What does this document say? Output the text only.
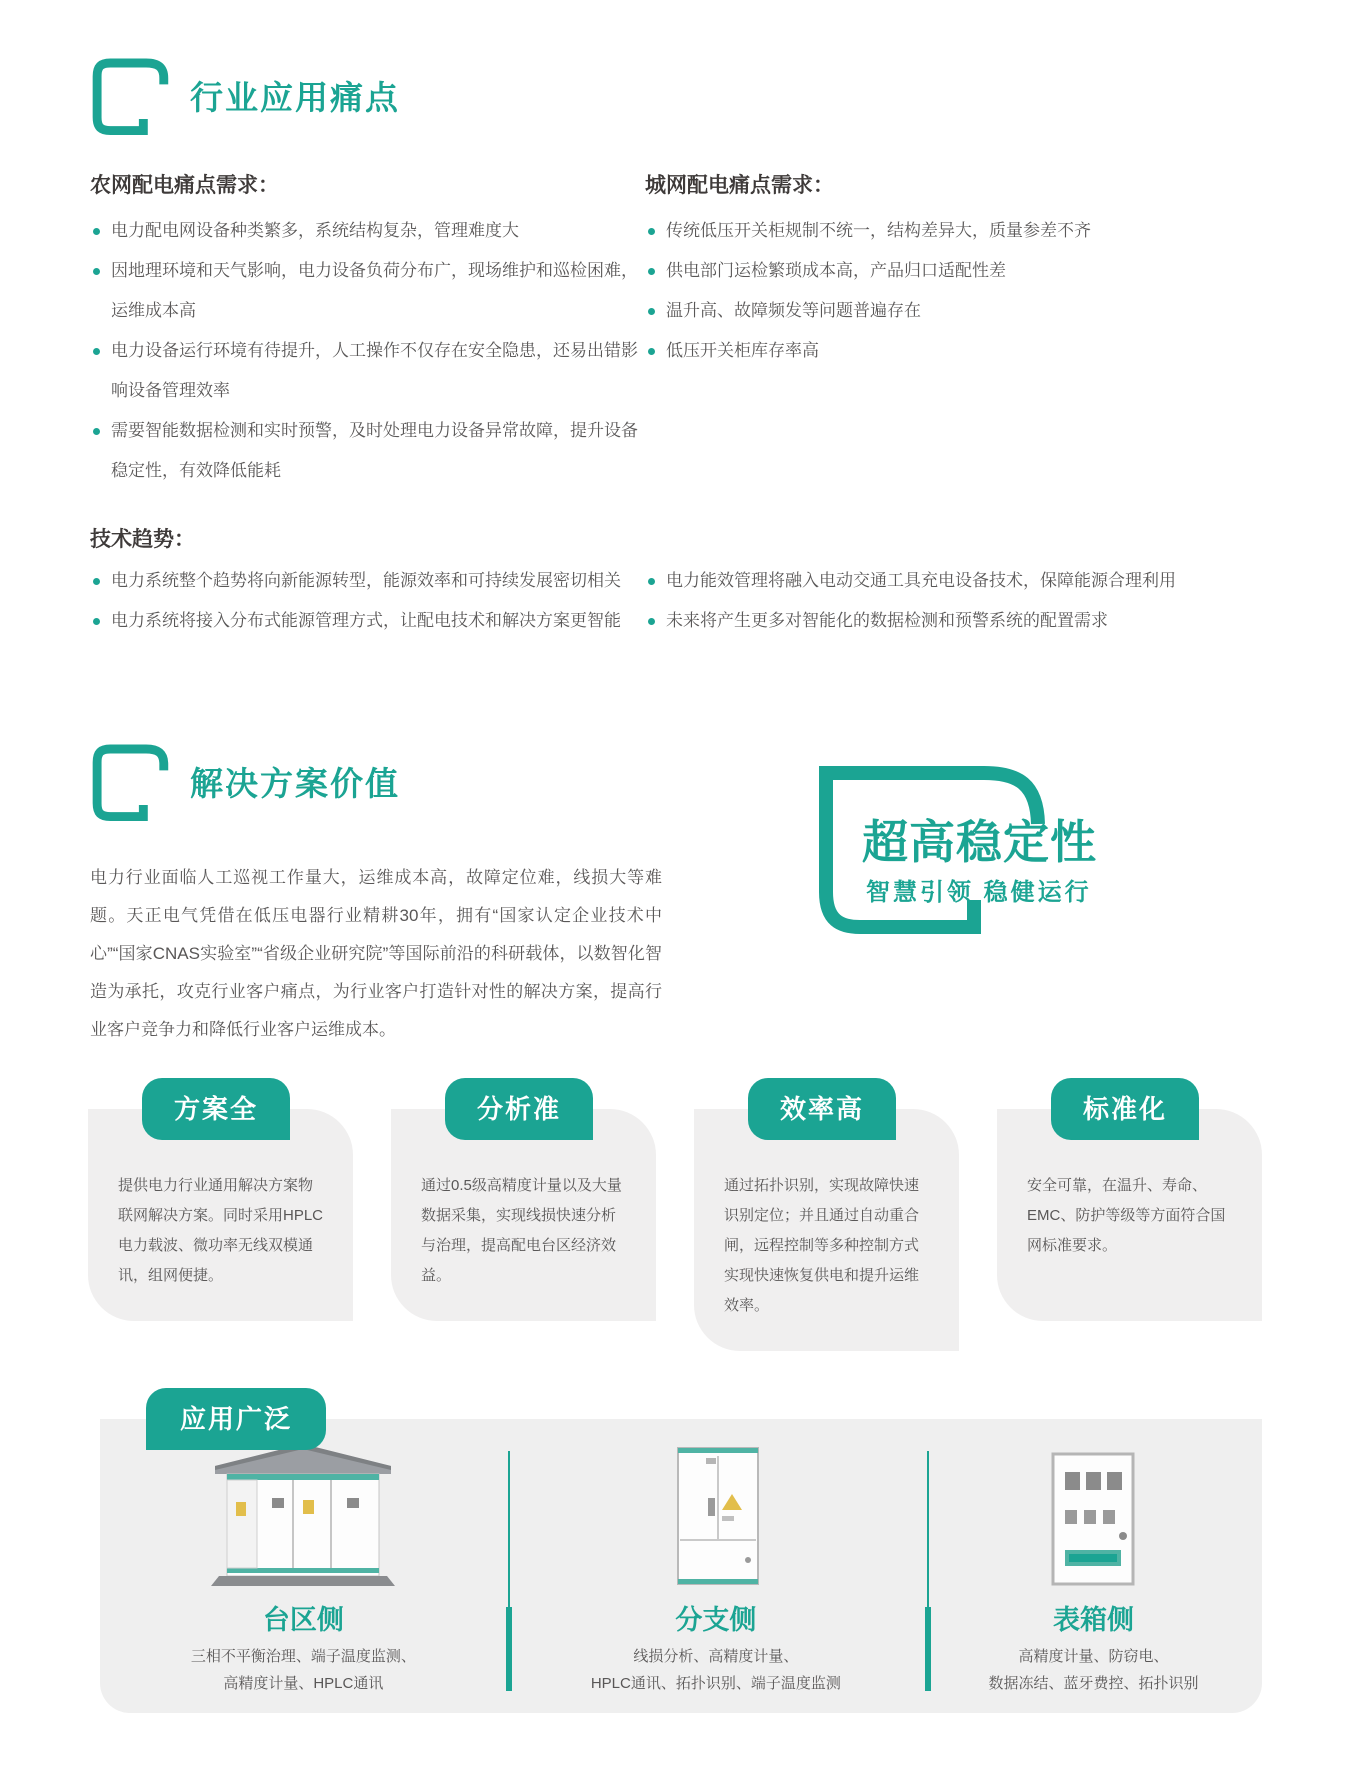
行业应用痛点
农网配电痛点需求：
电力配电网设备种类繁多，系统结构复杂，管理难度大
因地理环境和天气影响，电力设备负荷分布广，现场维护和巡检困难，运维成本高
电力设备运行环境有待提升，人工操作不仅存在安全隐患，还易出错影响设备管理效率
需要智能数据检测和实时预警，及时处理电力设备异常故障，提升设备稳定性，有效降低能耗
城网配电痛点需求：
传统低压开关柜规制不统一，结构差异大，质量参差不齐
供电部门运检繁琐成本高，产品归口适配性差
温升高、故障频发等问题普遍存在
低压开关柜库存率高
技术趋势：
电力系统整个趋势将向新能源转型，能源效率和可持续发展密切相关
电力系统将接入分布式能源管理方式，让配电技术和解决方案更智能
电力能效管理将融入电动交通工具充电设备技术，保障能源合理利用
未来将产生更多对智能化的数据检测和预警系统的配置需求
解决方案价值
电力行业面临人工巡视工作量大，运维成本高，故障定位难，线损大等难题。天正电气凭借在低压电器行业精耕30年，拥有“国家认定企业技术中心”“国家CNAS实验室”“省级企业研究院”等国际前沿的科研载体，以数智化智造为承托，攻克行业客户痛点，为行业客户打造针对性的解决方案，提高行业客户竞争力和降低行业客户运维成本。
超高稳定性
智慧引领 稳健运行
方案全
提供电力行业通用解决方案物联网解决方案。同时采用HPLC电力载波、微功率无线双模通讯，组网便捷。
分析准
通过0.5级高精度计量以及大量数据采集，实现线损快速分析与治理，提高配电台区经济效益。
效率高
通过拓扑识别，实现故障快速识别定位；并且通过自动重合闸，远程控制等多种控制方式实现快速恢复供电和提升运维效率。
标准化
安全可靠，在温升、寿命、EMC、防护等级等方面符合国网标准要求。
应用广泛
台区侧
三相不平衡治理、端子温度监测、
高精度计量、HPLC通讯
分支侧
线损分析、高精度计量、
HPLC通讯、拓扑识别、端子温度监测
表箱侧
高精度计量、防窃电、
数据冻结、蓝牙费控、拓扑识别
